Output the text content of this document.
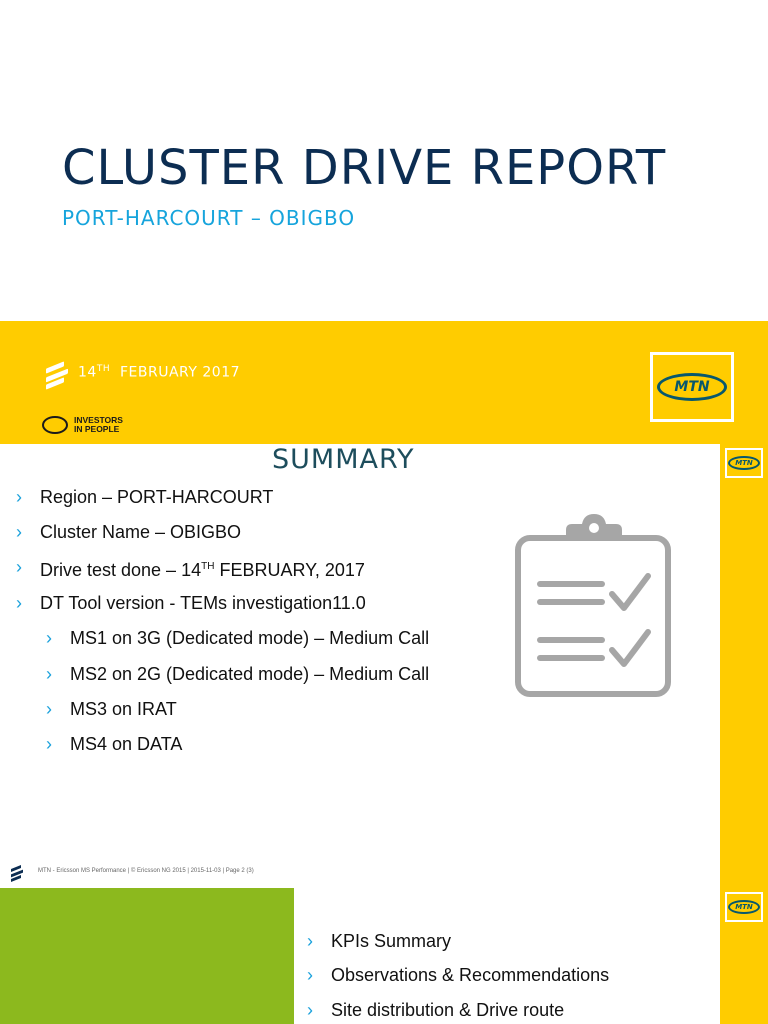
CLUSTER DRIVE REPORT
PORT-HARCOURT – OBIGBO
14TH FEBRUARY 2017
INVESTORS
IN PEOPLE
MTN
MTN
SUMMARY
› Region – PORT-HARCOURT
› Cluster Name – OBIGBO
› Drive test done – 14TH FEBRUARY, 2017
› DT Tool version - TEMs investigation11.0
› MS1 on 3G (Dedicated mode) – Medium Call
› MS2 on 2G (Dedicated mode) – Medium Call
› MS3 on IRAT
› MS4 on DATA
MTN - Ericsson MS Performance | © Ericsson NG 2015 | 2015-11-03 | Page 2 (3)
MTN
› KPIs Summary
› Observations & Recommendations
› Site distribution & Drive route
